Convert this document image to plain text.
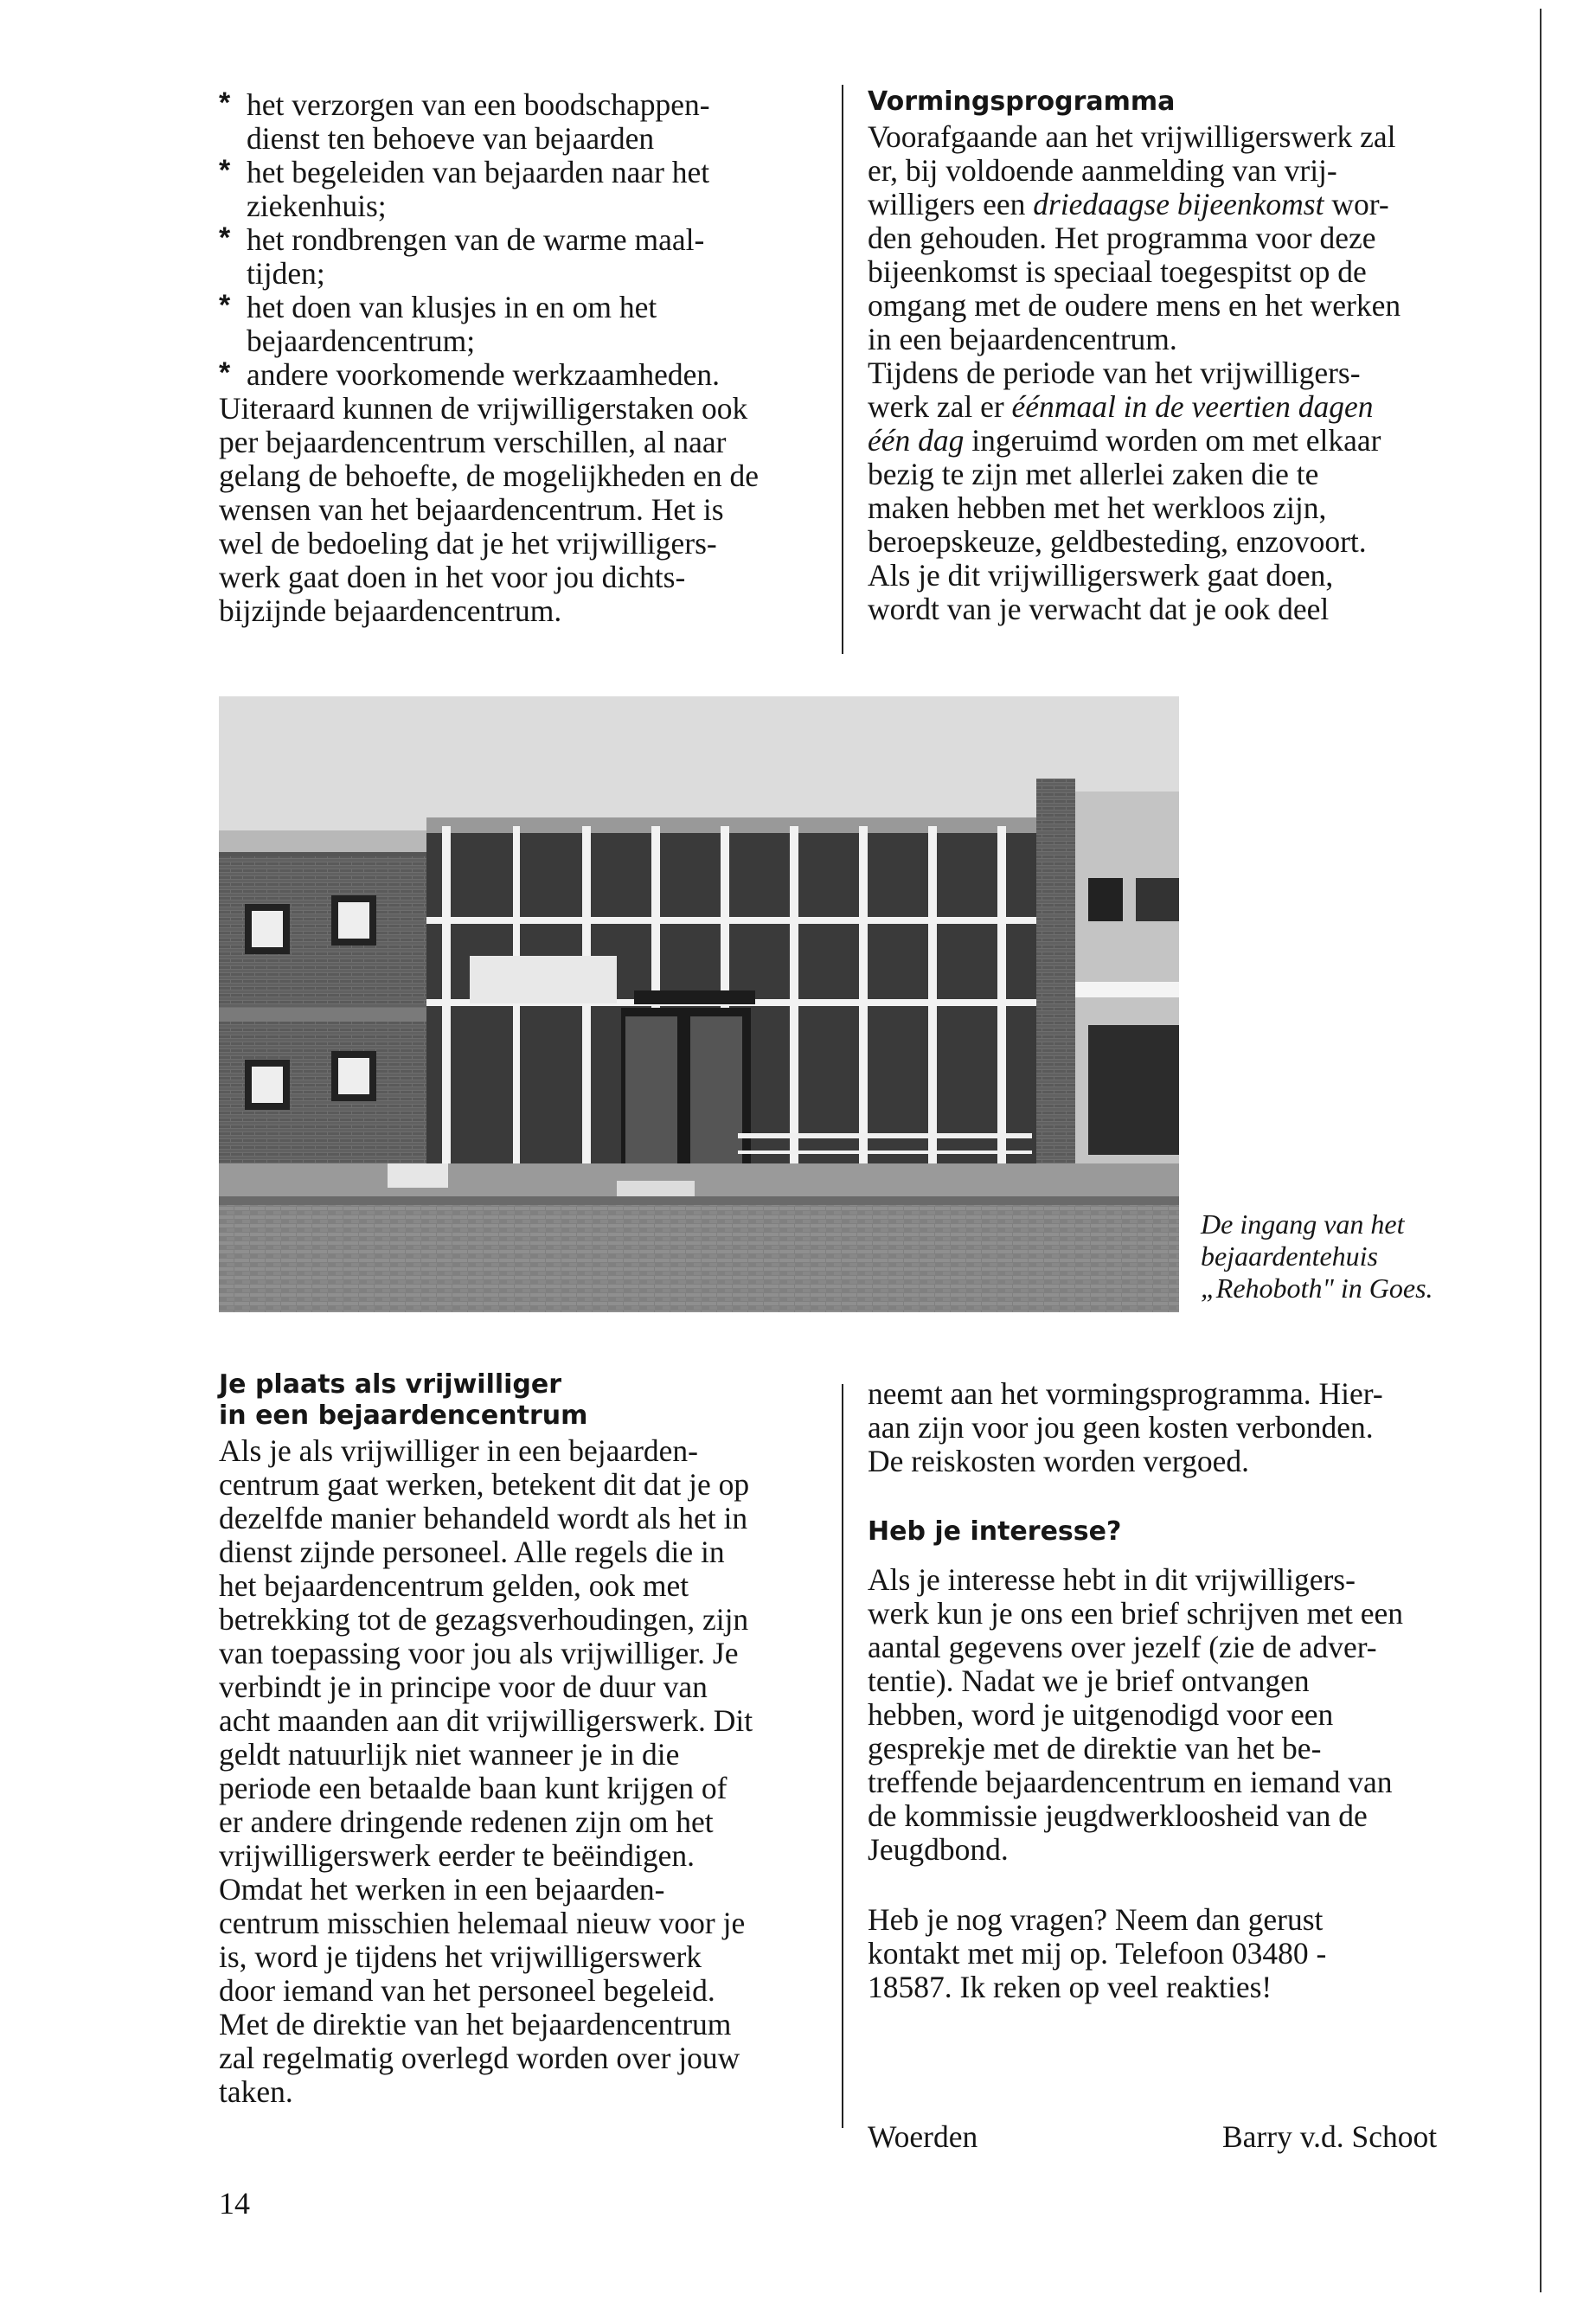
* het verzorgen van een boodschappen-
dienst ten behoeve van bejaarden
* het begeleiden van bejaarden naar het
ziekenhuis;
* het rondbrengen van de warme maal-
tijden;
* het doen van klusjes in en om het
bejaardencentrum;
* andere voorkomende werkzaamheden.

Uiteraard kunnen de vrijwilligerstaken ook
per bejaardencentrum verschillen, al naar
gelang de behoefte, de mogelijkheden en de
wensen van het bejaardencentrum. Het is
wel de bedoeling dat je het vrijwilligers-
werk gaat doen in het voor jou dichts-
bijzijnde bejaardencentrum.

Vormingsprogramma

Voorafgaande aan het vrijwilligerswerk zal
er, bij voldoende aanmelding van vrij-
willigers een driedaagse bijeenkomst wor-
den gehouden. Het programma voor deze
bijeenkomst is speciaal toegespitst op de
omgang met de oudere mens en het werken
in een bejaardencentrum.

Tijdens de periode van het vrijwilligers-
werk zal er éénmaal in de veertien dagen
één dag ingeruimd worden om met elkaar
bezig te zijn met allerlei zaken die te
maken hebben met het werkloos zijn,
beroepskeuze, geldbesteding, enzovoort.
Als je dit vrijwilligerswerk gaat doen,
wordt van je verwacht dat je ook deel

De ingang van het
bejaardentehuis
„Rehoboth" in Goes.
Je plaats als vrijwilliger
in een bejaardencentrum

Als je als vrijwilliger in een bejaarden-
centrum gaat werken, betekent dit dat je op
dezelfde manier behandeld wordt als het in
dienst zijnde personeel. Alle regels die in
het bejaardencentrum gelden, ook met
betrekking tot de gezagsverhoudingen, zijn
van toepassing voor jou als vrijwilliger. Je
verbindt je in principe voor de duur van
acht maanden aan dit vrijwilligerswerk. Dit
geldt natuurlijk niet wanneer je in die
periode een betaalde baan kunt krijgen of
er andere dringende redenen zijn om het
vrijwilligerswerk eerder te beëindigen.
Omdat het werken in een bejaarden-
centrum misschien helemaal nieuw voor je
is, word je tijdens het vrijwilligerswerk
door iemand van het personeel begeleid.
Met de direktie van het bejaardencentrum
zal regelmatig overlegd worden over jouw
taken.

neemt aan het vormingsprogramma. Hier-
aan zijn voor jou geen kosten verbonden.
De reiskosten worden vergoed.

Heb je interesse?

Als je interesse hebt in dit vrijwilligers-
werk kun je ons een brief schrijven met een
aantal gegevens over jezelf (zie de adver-
tentie). Nadat we je brief ontvangen
hebben, word je uitgenodigd voor een
gesprekje met de direktie van het be-
treffende bejaardencentrum en iemand van
de kommissie jeugdwerkloosheid van de
Jeugdbond.

Heb je nog vragen? Neem dan gerust
kontakt met mij op. Telefoon 03480 -
18587. Ik reken op veel reakties!

Woerden	Barry v.d. Schoot
14
